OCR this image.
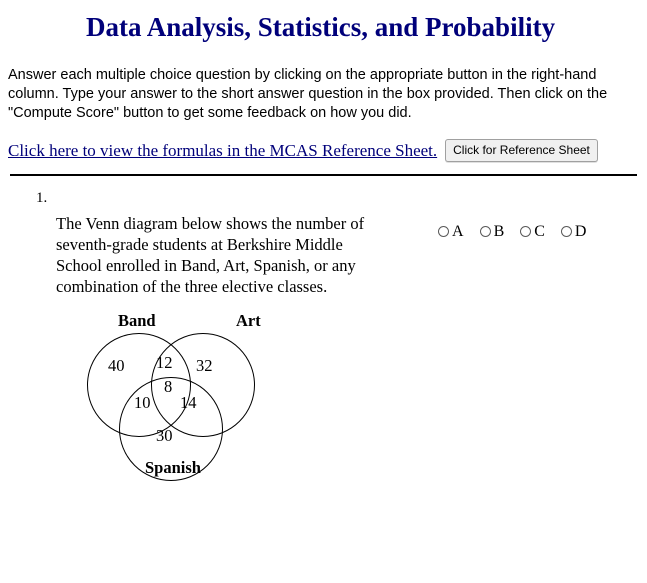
Data Analysis, Statistics, and Probability
Answer each multiple choice question by clicking on the appropriate button in the right-hand column. Type your answer to the short answer question in the box provided. Then click on the "Compute Score" button to get some feedback on how you did.
Click here to view the formulas in the MCAS Reference Sheet.	Click for Reference Sheet
1.
The Venn diagram below shows the number of seventh-grade students at Berkshire Middle School enrolled in Band, Art, Spanish, or any combination of the three elective classes.
Band	Art
Spanish
40 12 32
10
8
14
30
A B C D
